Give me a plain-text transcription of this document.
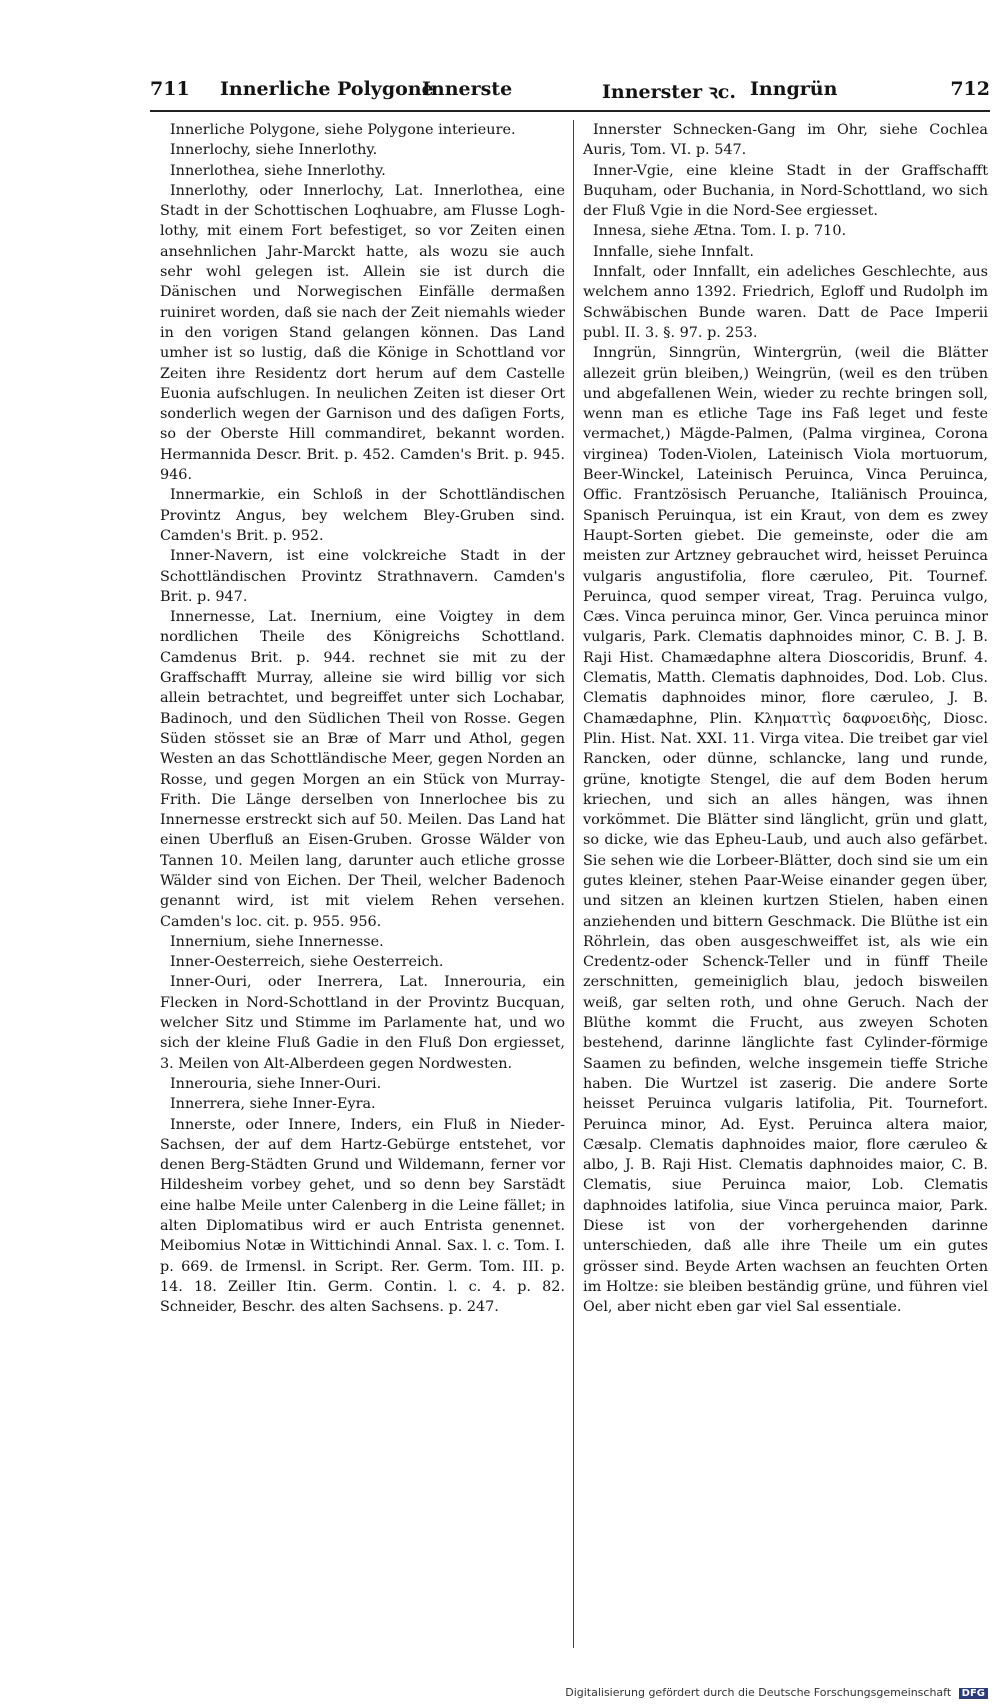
711 Innerliche Polygone
Innerste	Innerster ꝛc. Inngrün	712

Innerliche Polygone, siehe Polygone interieure.

Innerlochy, siehe Innerlothy.

Innerlothea, siehe Innerlothy.

Innerlothy, oder Innerlochy, Lat. Innerlothea, eine Stadt in der Schottischen Loqhuabre, am Flusse Logh-lothy, mit einem Fort befestiget, so vor Zeiten einen ansehnlichen Jahr-Marckt hatte, als wozu sie auch sehr wohl gelegen ist. Allein sie ist durch die Dänischen und Norwegischen Einfälle dermaßen ruiniret worden, daß sie nach der Zeit niemahls wieder in den vorigen Stand gelangen können. Das Land umher ist so lustig, daß die Könige in Schottland vor Zeiten ihre Residentz dort herum auf dem Castelle Euonia aufschlugen. In neulichen Zeiten ist dieser Ort sonderlich wegen der Garnison und des daſigen Forts, so der Oberste Hill commandiret, bekannt worden. Hermannida Descr. Brit. p. 452. Camden's Brit. p. 945. 946.

Innermarkie, ein Schloß in der Schottländischen Provintz Angus, bey welchem Bley-Gruben sind. Camden's Brit. p. 952.

Inner-Navern, ist eine volckreiche Stadt in der Schottländischen Provintz Strathnavern. Camden's Brit. p. 947.

Innernesse, Lat. Inernium, eine Voigtey in dem nordlichen Theile des Königreichs Schottland. Camdenus Brit. p. 944. rechnet sie mit zu der Graffschafft Murray, alleine sie wird billig vor sich allein betrachtet, und begreiffet unter sich Lochabar, Badinoch, und den Südlichen Theil von Rosse. Gegen Süden stösset sie an Bræ of Marr und Athol, gegen Westen an das Schottländische Meer, gegen Norden an Rosse, und gegen Morgen an ein Stück von Murray-Frith. Die Länge derselben von Innerlochee bis zu Innernesse erstreckt sich auf 50. Meilen. Das Land hat einen Uberfluß an Eisen-Gruben. Grosse Wälder von Tannen 10. Meilen lang, darunter auch etliche grosse Wälder sind von Eichen. Der Theil, welcher Badenoch genannt wird, ist mit vielem Rehen versehen. Camden's loc. cit. p. 955. 956.

Innernium, siehe Innernesse.

Inner-Oesterreich, siehe Oesterreich.

Inner-Ouri, oder Inerrera, Lat. Innerouria, ein Flecken in Nord-Schottland in der Provintz Bucquan, welcher Sitz und Stimme im Parlamente hat, und wo sich der kleine Fluß Gadie in den Fluß Don ergiesset, 3. Meilen von Alt-Alberdeen gegen Nordwesten.

Innerouria, siehe Inner-Ouri.

Innerrera, siehe Inner-Eyra.

Innerste, oder Innere, Inders, ein Fluß in Nieder-Sachsen, der auf dem Hartz-Gebürge entstehet, vor denen Berg-Städten Grund und Wildemann, ferner vor Hildesheim vorbey gehet, und so denn bey Sarstädt eine halbe Meile unter Calenberg in die Leine fället; in alten Diplomatibus wird er auch Entrista genennet. Meibomius Notæ in Wittichindi Annal. Sax. l. c. Tom. I. p. 669. de Irmensl. in Script. Rer. Germ. Tom. III. p. 14. 18. Zeiller Itin. Germ. Contin. l. c. 4. p. 82. Schneider, Beschr. des alten Sachsens. p. 247.

Innerster Schnecken-Gang im Ohr, siehe Cochlea Auris, Tom. VI. p. 547.

Inner-Vgie, eine kleine Stadt in der Graffschafft Buquham, oder Buchania, in Nord-Schottland, wo sich der Fluß Vgie in die Nord-See ergiesset.

Innesa, siehe Ætna. Tom. I. p. 710.

Innfalle, siehe Innfalt.

Innfalt, oder Innfallt, ein adeliches Geschlechte, aus welchem anno 1392. Friedrich, Egloff und Rudolph im Schwäbischen Bunde waren. Datt de Pace Imperii publ. II. 3. §. 97. p. 253.

Inngrün, Sinngrün, Wintergrün, (weil die Blätter allezeit grün bleiben,) Weingrün, (weil es den trüben und abgefallenen Wein, wieder zu rechte bringen soll, wenn man es etliche Tage ins Faß leget und feste vermachet,) Mägde-Palmen, (Palma virginea, Corona virginea) Toden-Violen, Lateinisch Viola mortuorum, Beer-Winckel, Lateinisch Peruinca, Vinca Peruinca, Offic. Frantzösisch Peruanche, Italiänisch Prouinca, Spanisch Peruinqua, ist ein Kraut, von dem es zwey Haupt-Sorten giebet. Die gemeinste, oder die am meisten zur Artzney gebrauchet wird, heisset Peruinca vulgaris angustifolia, flore cæruleo, Pit. Tournef. Peruinca, quod semper vireat, Trag. Peruinca vulgo, Cæs. Vinca peruinca minor, Ger. Vinca peruinca minor vulgaris, Park. Clematis daphnoides minor, C. B. J. B. Raji Hist. Chamædaphne altera Dioscoridis, Brunf. 4. Clematis, Matth. Clematis daphnoides, Dod. Lob. Clus. Clematis daphnoides minor, flore cæruleo, J. B. Chamædaphne, Plin. Κληματτὶς δαφνοειδὴς, Diosc. Plin. Hist. Nat. XXI. 11. Virga vitea. Die treibet gar viel Rancken, oder dünne, schlancke, lang und runde, grüne, knotigte Stengel, die auf dem Boden herum kriechen, und sich an alles hängen, was ihnen vorkömmet. Die Blätter sind länglicht, grün und glatt, so dicke, wie das Epheu-Laub, und auch also gefärbet. Sie sehen wie die Lorbeer-Blätter, doch sind sie um ein gutes kleiner, stehen Paar-Weise einander gegen über, und sitzen an kleinen kurtzen Stielen, haben einen anziehenden und bittern Geschmack. Die Blüthe ist ein Röhrlein, das oben ausgeschweiffet ist, als wie ein Credentz-oder Schenck-Teller und in fünff Theile zerschnitten, gemeiniglich blau, jedoch bisweilen weiß, gar selten roth, und ohne Geruch. Nach der Blüthe kommt die Frucht, aus zweyen Schoten bestehend, darinne länglichte fast Cylinder-förmige Saamen zu befinden, welche insgemein tieffe Striche haben. Die Wurtzel ist zaserig. Die andere Sorte heisset Peruinca vulgaris latifolia, Pit. Tournefort. Peruinca minor, Ad. Eyst. Peruinca altera maior, Cæsalp. Clematis daphnoides maior, flore cæruleo & albo, J. B. Raji Hist. Clematis daphnoides maior, C. B. Clematis, siue Peruinca maior, Lob. Clematis daphnoides latifolia, siue Vinca peruinca maior, Park. Diese ist von der vorhergehenden darinne unterschieden, daß alle ihre Theile um ein gutes grösser sind. Beyde Arten wachsen an feuchten Orten im Holtze: sie bleiben beständig grüne, und führen viel Oel, aber nicht eben gar viel Sal essentiale.

Digitalisierung gefördert durch die Deutsche Forschungsgemeinschaft DFG
